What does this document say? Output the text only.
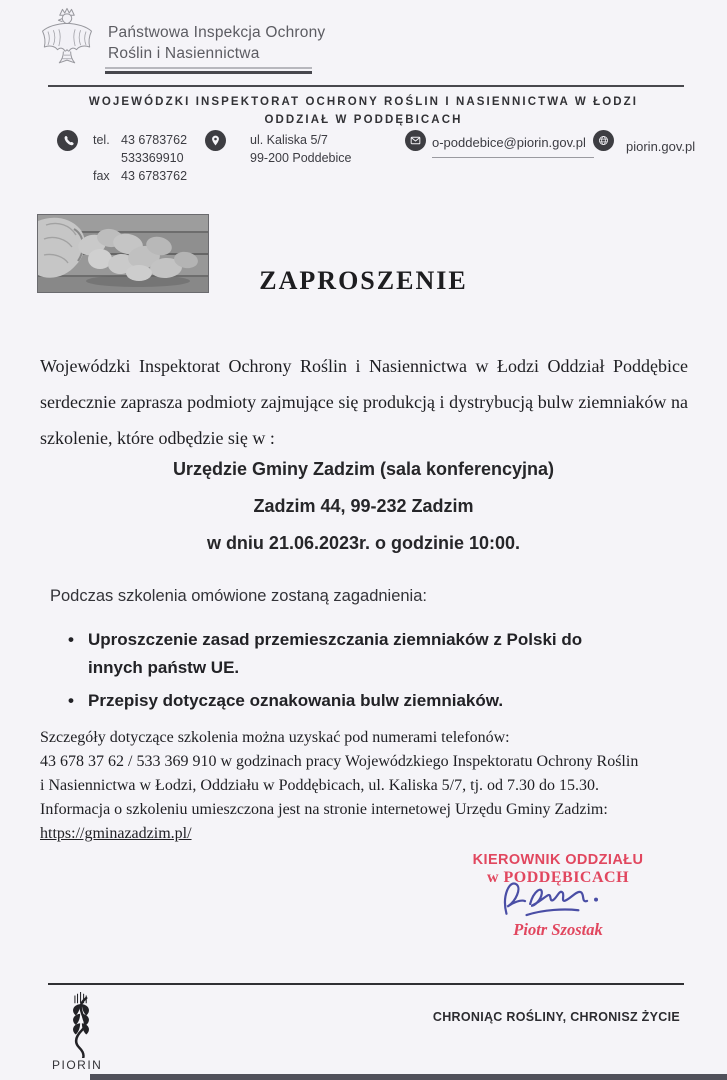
Państwowa Inspekcja Ochrony
Roślin i Nasiennictwa
WOJEWÓDZKI INSPEKTORAT OCHRONY ROŚLIN I NASIENNICTWA W ŁODZI
ODDZIAŁ W PODDĘBICACH
tel. 43 6783762
533369910
fax 43 6783762
ul. Kaliska 5/7
99-200 Poddebice
o-poddebice@piorin.gov.pl	piorin.gov.pl
ZAPROSZENIE
Wojewódzki Inspektorat Ochrony Roślin i Nasiennictwa w Łodzi Oddział Poddębice serdecznie zaprasza podmioty zajmujące się produkcją i dystrybucją bulw ziemniaków na szkolenie, które odbędzie się w :
Urzędzie Gminy Zadzim (sala konferencyjna)
Zadzim 44, 99-232 Zadzim
w dniu 21.06.2023r. o godzinie 10:00.
Podczas szkolenia omówione zostaną zagadnienia:
• Uproszczenie zasad przemieszczania ziemniaków z Polski do innych państw UE.
• Przepisy dotyczące oznakowania bulw ziemniaków.
Szczegóły dotyczące szkolenia można uzyskać pod numerami telefonów:
43 678 37 62 / 533 369 910 w godzinach pracy Wojewódzkiego Inspektoratu Ochrony Roślin
i Nasiennictwa w Łodzi, Oddziału w Poddębicach, ul. Kaliska 5/7, tj. od 7.30 do 15.30.
Informacja o szkoleniu umieszczona jest na stronie internetowej Urzędu Gminy Zadzim:
https://gminazadzim.pl/
KIEROWNIK ODDZIAŁU
w PODDĘBICACH
Piotr Szostak
PIORIN
CHRONIĄC ROŚLINY, CHRONISZ ŻYCIE
